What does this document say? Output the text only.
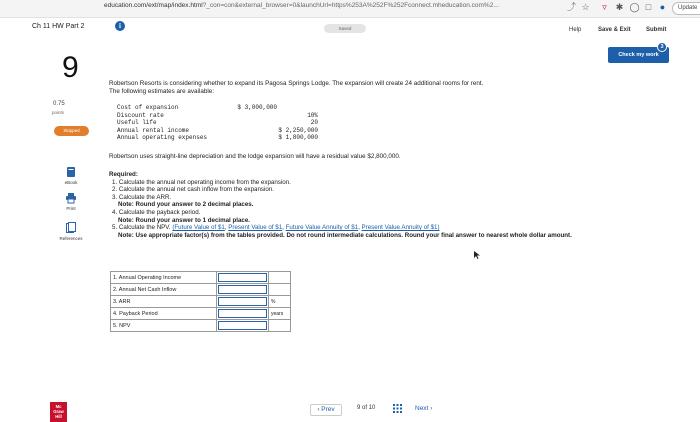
education.com/ext/map/index.html?_con=con&external_browser=0&launchUrl=https%253A%252F%252Fconnect.mheducation.com%2...	⤴ ☆	▿ ✱ ◯ □ ●	Update
Ch 11 HW Part 2	i	Saved	Help	Save & Exit	Submit
Check my work
3
9
0.75
points
Skipped
eBook
Print
References
Mc
Graw
Hill
Robertson Resorts is considering whether to expand its Pagosa Springs Lodge. The expansion will create 24 additional rooms for rent.
The following estimates are available:
Cost of expansion	$ 3,000,000
Discount rate	10%
Useful life	20
Annual rental income	$ 2,250,000
Annual operating expenses	$ 1,800,000
Robertson uses straight-line depreciation and the lodge expansion will have a residual value $2,800,000.
Required:
1. Calculate the annual net operating income from the expansion.
2. Calculate the annual net cash inflow from the expansion.
3. Calculate the ARR.
Note: Round your answer to 2 decimal places.
4. Calculate the payback period.
Note: Round your answer to 1 decimal place.
5. Calculate the NPV. (Future Value of $1, Present Value of $1, Future Value Annuity of $1, Present Value Annuity of $1)
Note: Use appropriate factor(s) from the tables provided. Do not round intermediate calculations. Round your final answer to nearest whole dollar amount.
1. Annual Operating Income	

2. Annual Net Cash Inflow	

3. ARR		%
4. Payback Period		years
5. NPV	

‹ Prev	9 of 10	Next ›
